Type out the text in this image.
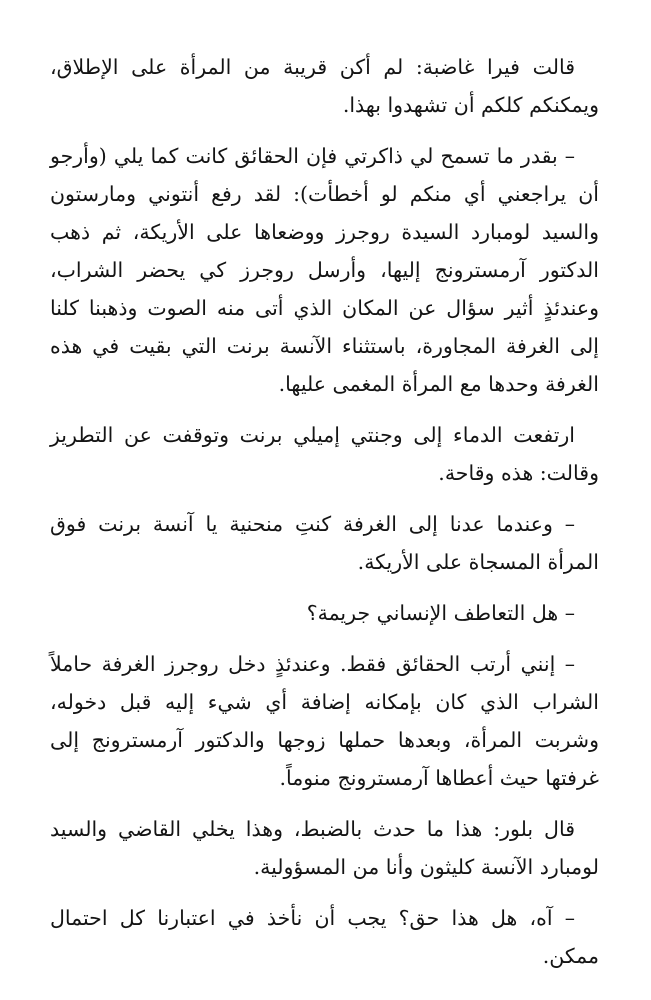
قالت فيرا غاضبة: لم أكن قريبة من المرأة على الإطلاق، ويمكنكم كلكم أن تشهدوا بهذا.

– بقدر ما تسمح لي ذاكرتي فإن الحقائق كانت كما يلي (وأرجو أن يراجعني أي منكم لو أخطأت): لقد رفع أنتوني ومارستون والسيد لومبارد السيدة روجرز ووضعاها على الأريكة، ثم ذهب الدكتور آرمسترونج إليها، وأرسل روجرز كي يحضر الشراب، وعندئذٍ أثير سؤال عن المكان الذي أتى منه الصوت وذهبنا كلنا إلى الغرفة المجاورة، باستثناء الآنسة برنت التي بقيت في هذه الغرفة وحدها مع المرأة المغمى عليها.

ارتفعت الدماء إلى وجنتي إميلي برنت وتوقفت عن التطريز وقالت: هذه وقاحة.

– وعندما عدنا إلى الغرفة كنتِ منحنية يا آنسة برنت فوق المرأة المسجاة على الأريكة.

– هل التعاطف الإنساني جريمة؟

– إنني أرتب الحقائق فقط. وعندئذٍ دخل روجرز الغرفة حاملاً الشراب الذي كان بإمكانه إضافة أي شيء إليه قبل دخوله، وشربت المرأة، وبعدها حملها زوجها والدكتور آرمسترونج إلى غرفتها حيث أعطاها آرمسترونج منوماً.

قال بلور: هذا ما حدث بالضبط، وهذا يخلي القاضي والسيد لومبارد الآنسة كليثون وأنا من المسؤولية.

– آه، هل هذا حق؟ يجب أن نأخذ في اعتبارنا كل احتمال ممكن.
